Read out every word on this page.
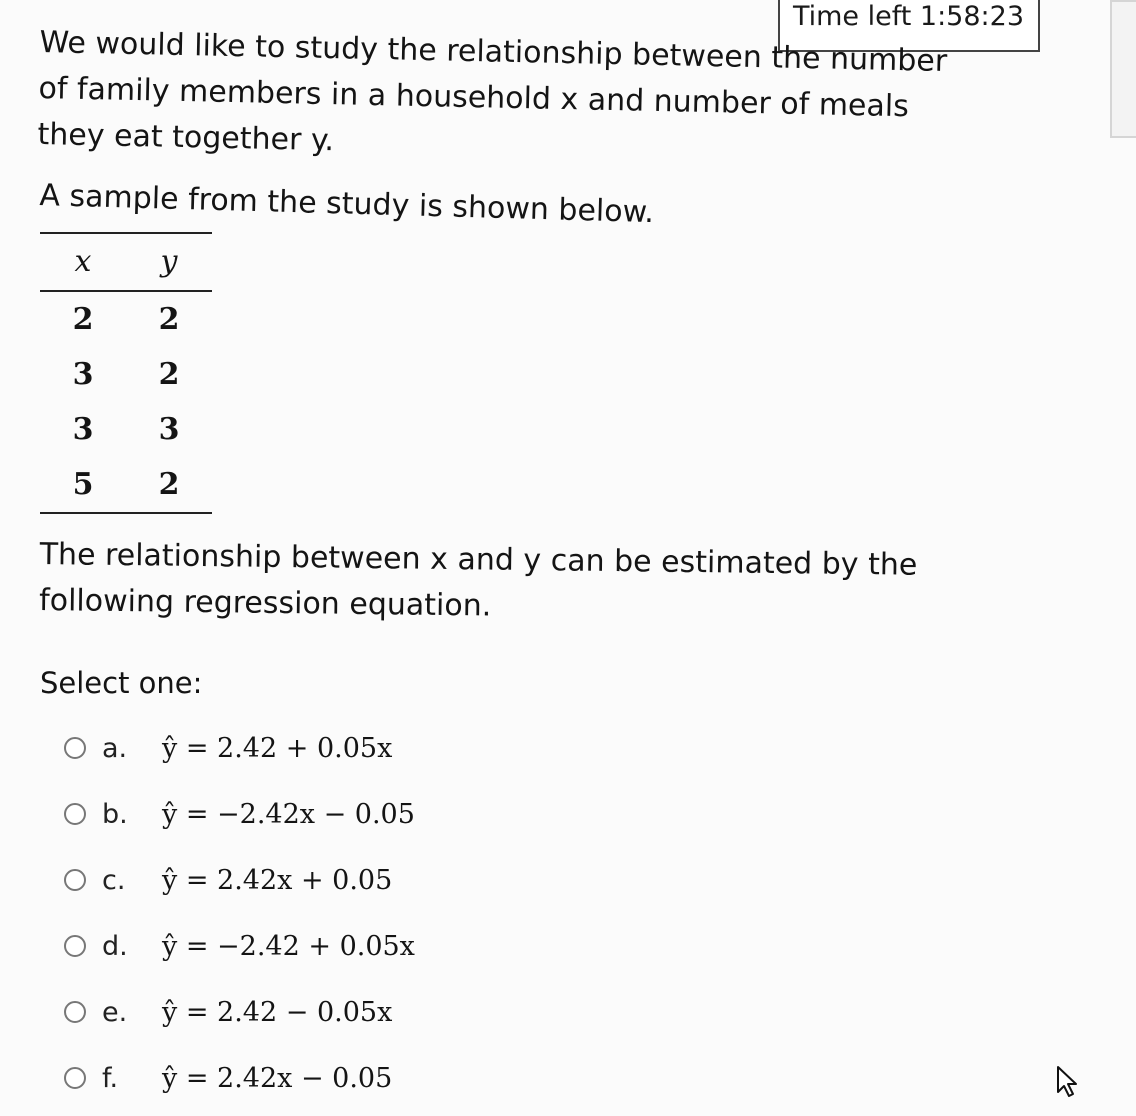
Time left 1:58:23
We would like to study the relationship between the number of family members in a household x and number of meals they eat together y.
A sample from the study is shown below.
x	y
2	2
3	2
3	3
5	2
The relationship between x and y can be estimated by the following regression equation.
Select one:
a.	ŷ = 2.42 + 0.05x
b.	ŷ = −2.42x − 0.05
c.	ŷ = 2.42x + 0.05
d.	ŷ = −2.42 + 0.05x
e.	ŷ = 2.42 − 0.05x
f.	ŷ = 2.42x − 0.05
